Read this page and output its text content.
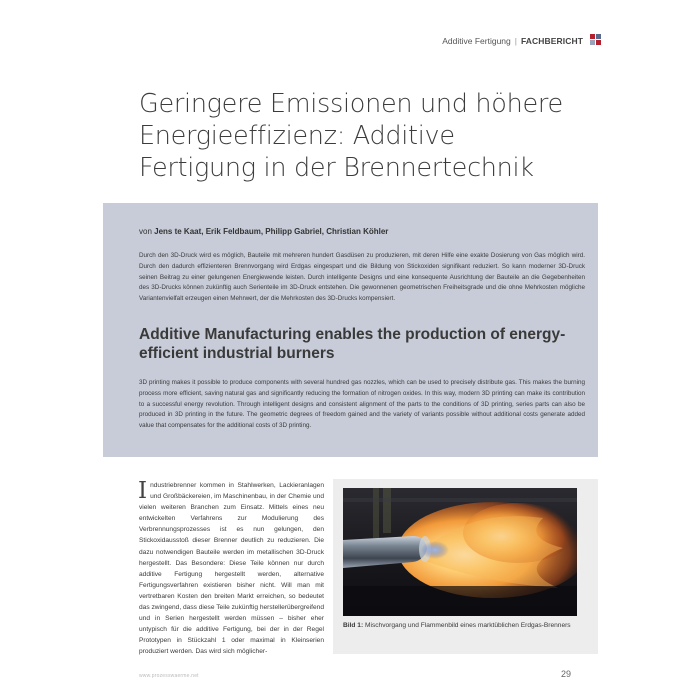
Additive Fertigung | FACHBERICHT
Geringere Emissionen und höhere Energieeffizienz: Additive Fertigung in der Brennertechnik
von Jens te Kaat, Erik Feldbaum, Philipp Gabriel, Christian Köhler

Durch den 3D-Druck wird es möglich, Bauteile mit mehreren hundert Gasdüsen zu produzieren, mit deren Hilfe eine exakte Dosierung von Gas möglich wird. Durch den dadurch effizienteren Brennvorgang wird Erdgas eingespart und die Bildung von Stickoxiden signifikant reduziert. So kann moderner 3D-Druck seinen Beitrag zu einer gelungenen Energiewende leisten. Durch intelligente Designs und eine konsequente Ausrichtung der Bauteile an die Gegebenheiten des 3D-Drucks können zukünftig auch Serienteile im 3D-Druck entstehen. Die gewonnenen geometrischen Freiheitsgrade und die ohne Mehrkosten mögliche Variantenvielfalt erzeugen einen Mehrwert, der die Mehrkosten des 3D-Drucks kompensiert.

Additive Manufacturing enables the production of energy-efficient industrial burners

3D printing makes it possible to produce components with several hundred gas nozzles, which can be used to precisely distribute gas. This makes the burning process more efficient, saving natural gas and significantly reducing the formation of nitrogen oxides. In this way, modern 3D printing can make its contribution to a successful energy revolution. Through intelligent designs and consistent alignment of the parts to the conditions of 3D printing, series parts can also be produced in 3D printing in the future. The geometric degrees of freedom gained and the variety of variants possible without additional costs generate added value that compensates for the additional costs of 3D printing.

Industriebrenner kommen in Stahlwerken, Lackieranlagen und Großbäckereien, im Maschinenbau, in der Chemie und vielen weiteren Branchen zum Einsatz. Mittels eines neu entwickelten Verfahrens zur Modulierung des Verbrennungsprozesses ist es nun gelungen, den Stickoxidausstoß dieser Brenner deutlich zu reduzieren. Die dazu notwendigen Bauteile werden im metallischen 3D-Druck hergestellt. Das Besondere: Diese Teile können nur durch additive Fertigung hergestellt werden, alternative Fertigungsverfahren existieren bisher nicht. Will man mit vertretbaren Kosten den breiten Markt erreichen, so bedeutet das zwingend, dass diese Teile zukünftig herstellerübergreifend und in Serien hergestellt werden müssen – bisher eher untypisch für die additive Fertigung, bei der in der Regel Prototypen in Stückzahl 1 oder maximal in Kleinserien produziert werden. Das wird sich möglicher-
Bild 1: Mischvorgang und Flammenbild eines marktüblichen Erdgas-Brenners
www.prozesswaerme.net	29
